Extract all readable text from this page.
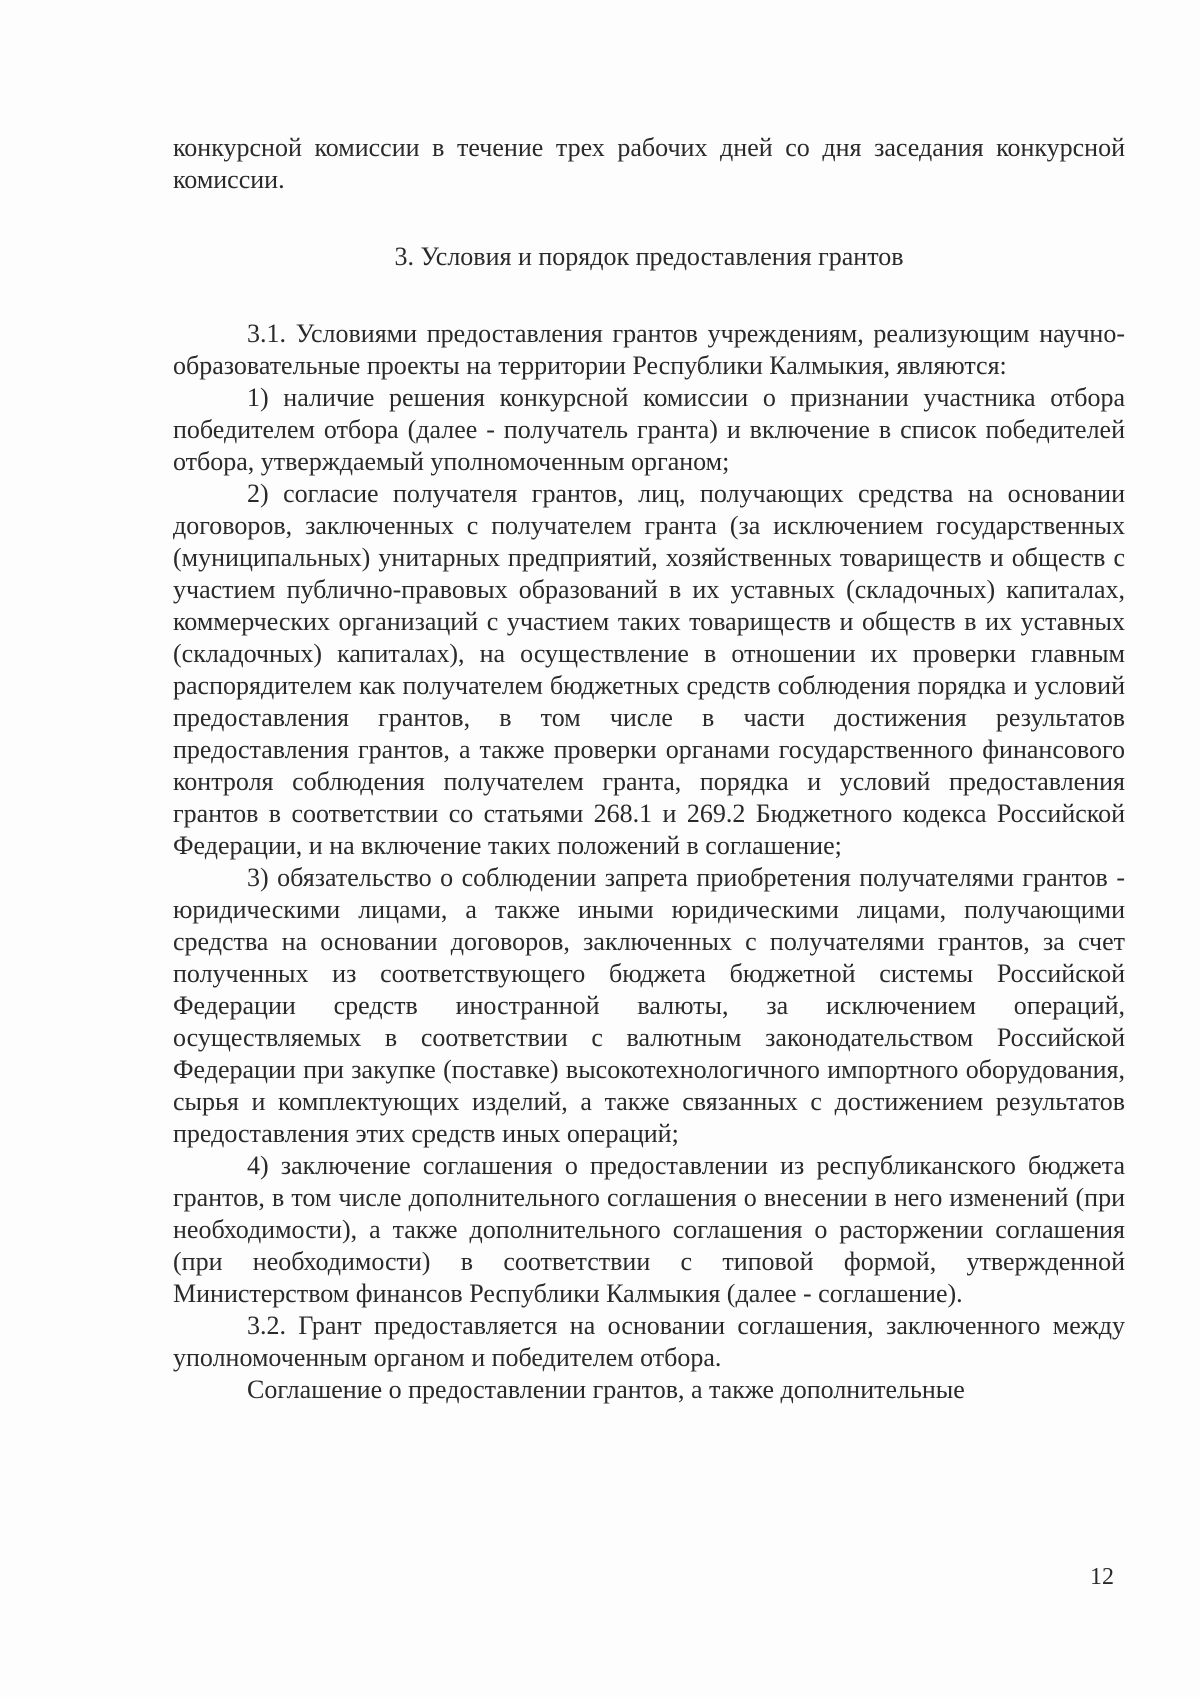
конкурсной комиссии в течение трех рабочих дней со дня заседания конкурсной комиссии.

3. Условия и порядок предоставления грантов

3.1. Условиями предоставления грантов учреждениям, реализующим научно-образовательные проекты на территории Республики Калмыкия, являются:

1) наличие решения конкурсной комиссии о признании участника отбора победителем отбора (далее - получатель гранта) и включение в список победителей отбора, утверждаемый уполномоченным органом;

2) согласие получателя грантов, лиц, получающих средства на основании договоров, заключенных с получателем гранта (за исключением государственных (муниципальных) унитарных предприятий, хозяйственных товариществ и обществ с участием публично-правовых образований в их уставных (складочных) капиталах, коммерческих организаций с участием таких товариществ и обществ в их уставных (складочных) капиталах), на осуществление в отношении их проверки главным распорядителем как получателем бюджетных средств соблюдения порядка и условий предоставления грантов, в том числе в части достижения результатов предоставления грантов, а также проверки органами государственного финансового контроля соблюдения получателем гранта, порядка и условий предоставления грантов в соответствии со статьями 268.1 и 269.2 Бюджетного кодекса Российской Федерации, и на включение таких положений в соглашение;

3) обязательство о соблюдении запрета приобретения получателями грантов - юридическими лицами, а также иными юридическими лицами, получающими средства на основании договоров, заключенных с получателями грантов, за счет полученных из соответствующего бюджета бюджетной системы Российской Федерации средств иностранной валюты, за исключением операций, осуществляемых в соответствии с валютным законодательством Российской Федерации при закупке (поставке) высокотехнологичного импортного оборудования, сырья и комплектующих изделий, а также связанных с достижением результатов предоставления этих средств иных операций;

4) заключение соглашения о предоставлении из республиканского бюджета грантов, в том числе дополнительного соглашения о внесении в него изменений (при необходимости), а также дополнительного соглашения о расторжении соглашения (при необходимости) в соответствии с типовой формой, утвержденной Министерством финансов Республики Калмыкия (далее - соглашение).

3.2. Грант предоставляется на основании соглашения, заключенного между уполномоченным органом и победителем отбора.

Соглашение о предоставлении грантов, а также дополнительные

12
